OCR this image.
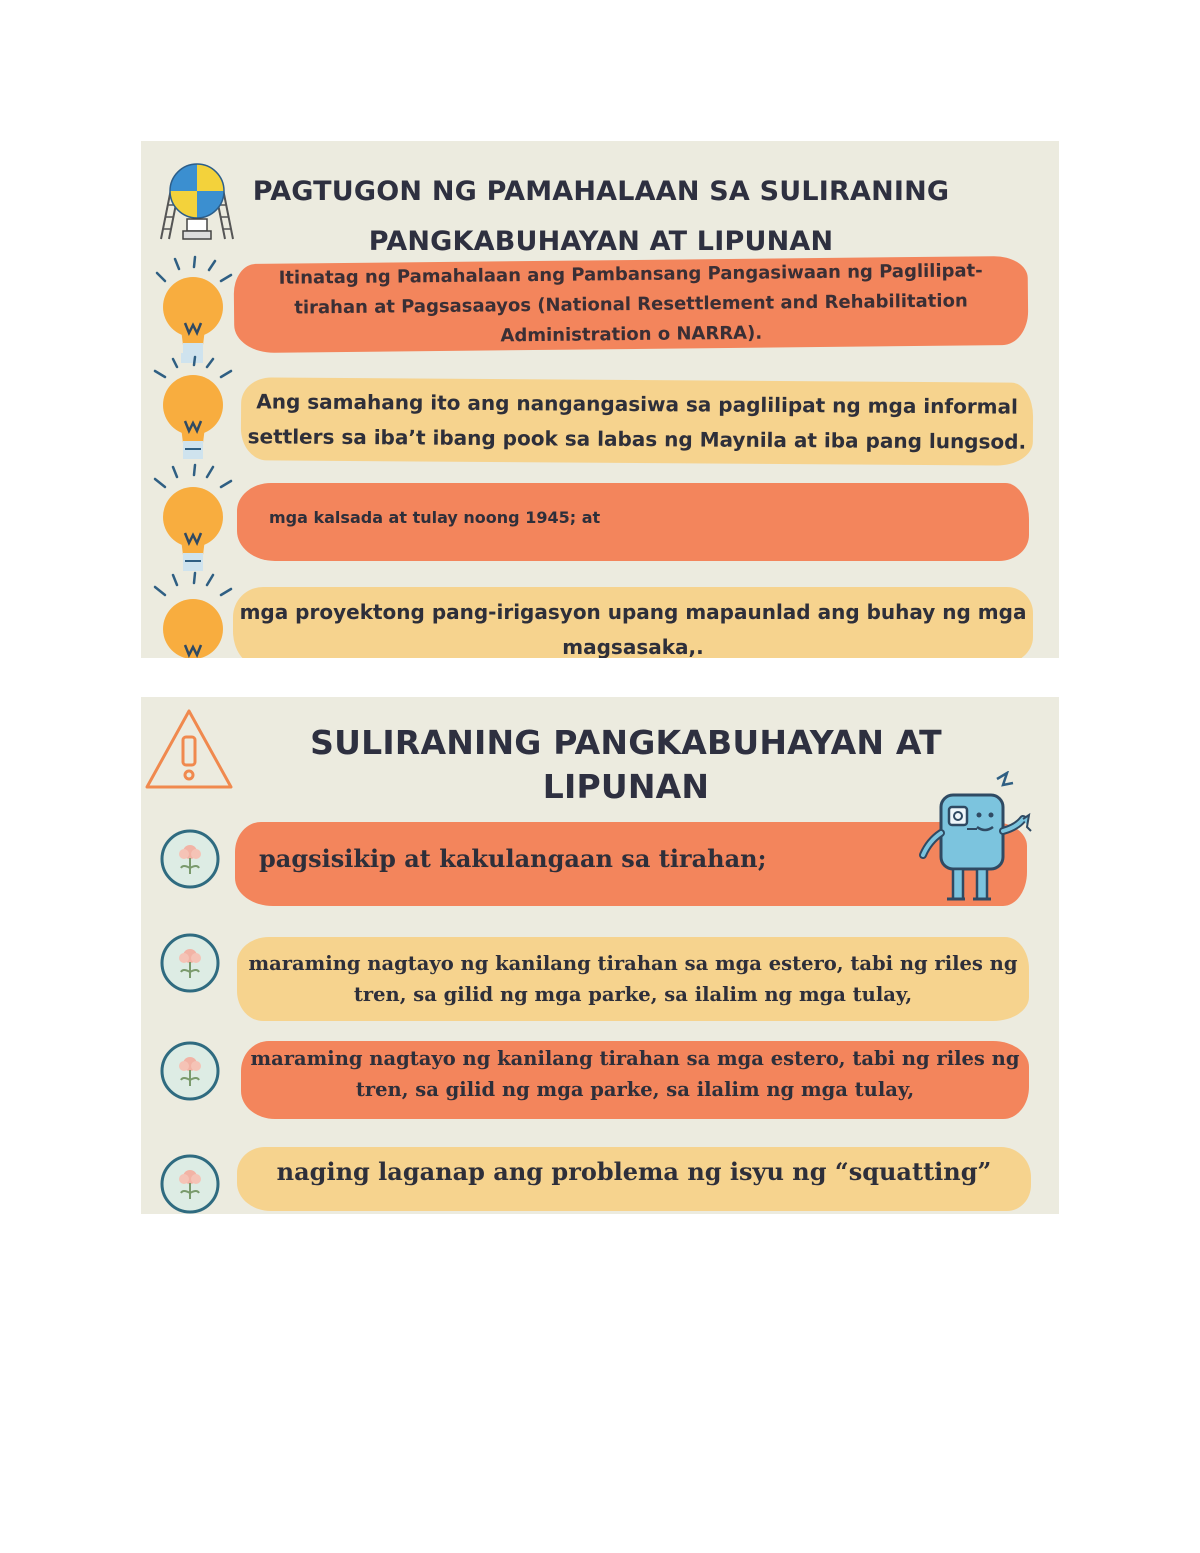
PAGTUGON NG PAMAHALAAN SA SULIRANING PANGKABUHAYAN AT LIPUNAN

Itinatag ng Pamahalaan ang Pambansang Pangasiwaan ng Paglilipat-tirahan at Pagsasaayos (National Resettlement and Rehabilitation Administration o NARRA).

Ang samahang ito ang nangangasiwa sa paglilipat ng mga informal settlers sa iba’t ibang pook sa labas ng Maynila at iba pang lungsod.

mga kalsada at tulay noong 1945; at

mga proyektong pang-irigasyon upang mapaunlad ang buhay ng mga magsasaka,.

SULIRANING PANGKABUHAYAN AT LIPUNAN

pagsisikip at kakulangaan sa tirahan;

maraming nagtayo ng kanilang tirahan sa mga estero, tabi ng riles ng tren, sa gilid ng mga parke, sa ilalim ng mga tulay,

maraming nagtayo ng kanilang tirahan sa mga estero, tabi ng riles ng tren, sa gilid ng mga parke, sa ilalim ng mga tulay,

naging laganap ang problema ng isyu ng “squatting”
